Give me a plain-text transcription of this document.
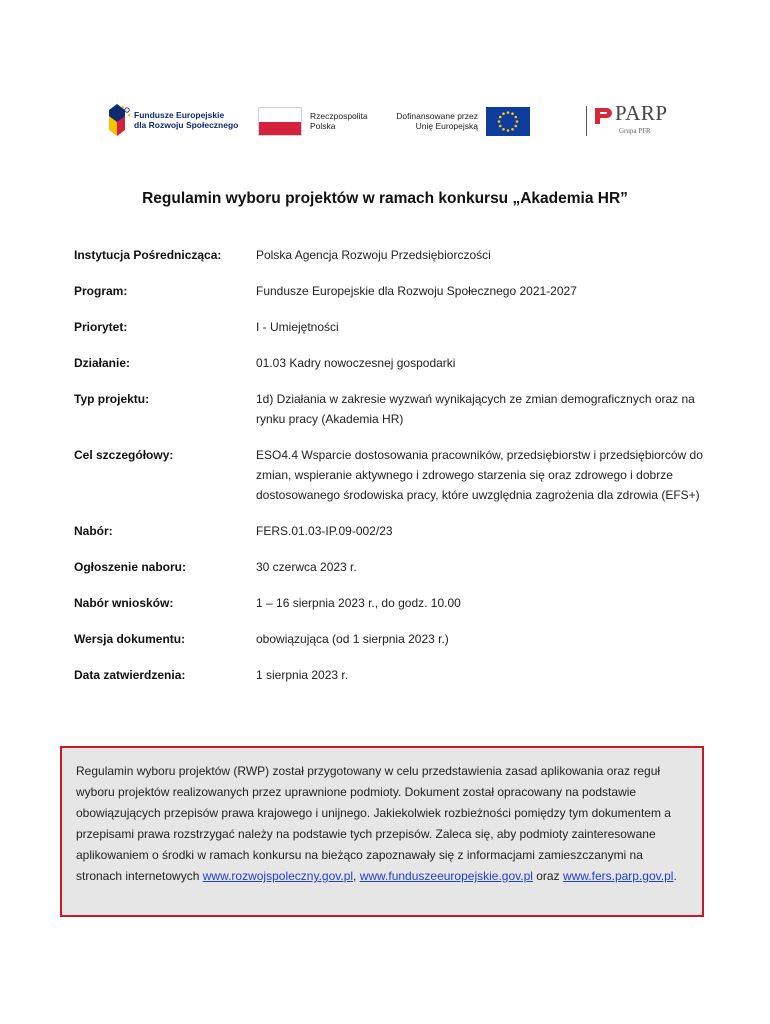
Fundusze Europejskie
dla Rozwoju Społecznego
Rzeczpospolita
Polska
Dofinansowane przez
Unię Europejską
PARP
Grupa PFR
Regulamin wyboru projektów w ramach konkursu „Akademia HR”
Instytucja Pośrednicząca:	Polska Agencja Rozwoju Przedsiębiorczości
Program:	Fundusze Europejskie dla Rozwoju Społecznego 2021-2027
Priorytet:	I - Umiejętności
Działanie:	01.03 Kadry nowoczesnej gospodarki
Typ projektu:	1d) Działania w zakresie wyzwań wynikających ze zmian demograficznych oraz na rynku pracy (Akademia HR)
Cel szczegółowy:	ESO4.4 Wsparcie dostosowania pracowników, przedsiębiorstw i przedsiębiorców do zmian, wspieranie aktywnego i zdrowego starzenia się oraz zdrowego i dobrze dostosowanego środowiska pracy, które uwzględnia zagrożenia dla zdrowia (EFS+)
Nabór:	FERS.01.03-IP.09-002/23
Ogłoszenie naboru:	30 czerwca 2023 r.
Nabór wniosków:	1 – 16 sierpnia 2023 r., do godz. 10.00
Wersja dokumentu:	obowiązująca (od 1 sierpnia 2023 r.)
Data zatwierdzenia:	1 sierpnia 2023 r.

Regulamin wyboru projektów (RWP) został przygotowany w celu przedstawienia zasad aplikowania oraz reguł wyboru projektów realizowanych przez uprawnione podmioty. Dokument został opracowany na podstawie obowiązujących przepisów prawa krajowego i unijnego. Jakiekolwiek rozbieżności pomiędzy tym dokumentem a przepisami prawa rozstrzygać należy na podstawie tych przepisów. Zaleca się, aby podmioty zainteresowane aplikowaniem o środki w ramach konkursu na bieżąco zapoznawały się z informacjami zamieszczanymi na stronach internetowych www.rozwojspoleczny.gov.pl, www.funduszeeuropejskie.gov.pl oraz www.fers.parp.gov.pl.
